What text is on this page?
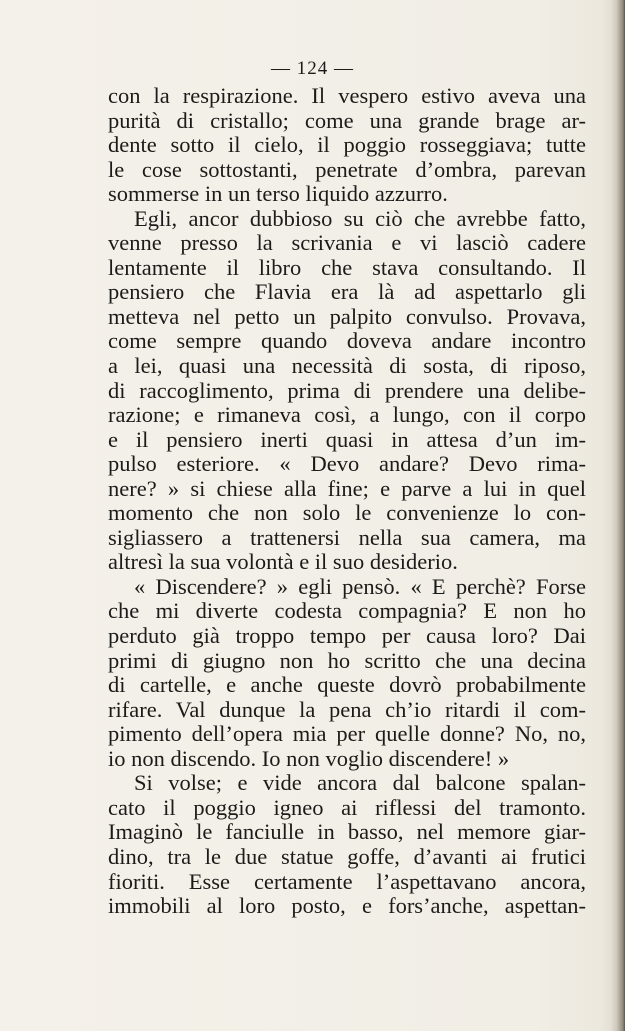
— 124 —
con la respirazione. Il vespero estivo aveva una
purità di cristallo; come una grande brage ar-
dente sotto il cielo, il poggio rosseggiava; tutte
le cose sottostanti, penetrate d’ombra, parevan
sommerse in un terso liquido azzurro.
Egli, ancor dubbioso su ciò che avrebbe fatto,
venne presso la scrivania e vi lasciò cadere
lentamente il libro che stava consultando. Il
pensiero che Flavia era là ad aspettarlo gli
metteva nel petto un palpito convulso. Provava,
come sempre quando doveva andare incontro
a lei, quasi una necessità di sosta, di riposo,
di raccoglimento, prima di prendere una delibe-
razione; e rimaneva così, a lungo, con il corpo
e il pensiero inerti quasi in attesa d’un im-
pulso esteriore. « Devo andare? Devo rima-
nere? » si chiese alla fine; e parve a lui in quel
momento che non solo le convenienze lo con-
sigliassero a trattenersi nella sua camera, ma
altresì la sua volontà e il suo desiderio.
« Discendere? » egli pensò. « E perchè? Forse
che mi diverte codesta compagnia? E non ho
perduto già troppo tempo per causa loro? Dai
primi di giugno non ho scritto che una decina
di cartelle, e anche queste dovrò probabilmente
rifare. Val dunque la pena ch’io ritardi il com-
pimento dell’opera mia per quelle donne? No, no,
io non discendo. Io non voglio discendere! »
Si volse; e vide ancora dal balcone spalan-
cato il poggio igneo ai riflessi del tramonto.
Imaginò le fanciulle in basso, nel memore giar-
dino, tra le due statue goffe, d’avanti ai frutici
fioriti. Esse certamente l’aspettavano ancora,
immobili al loro posto, e fors’anche, aspettan-
